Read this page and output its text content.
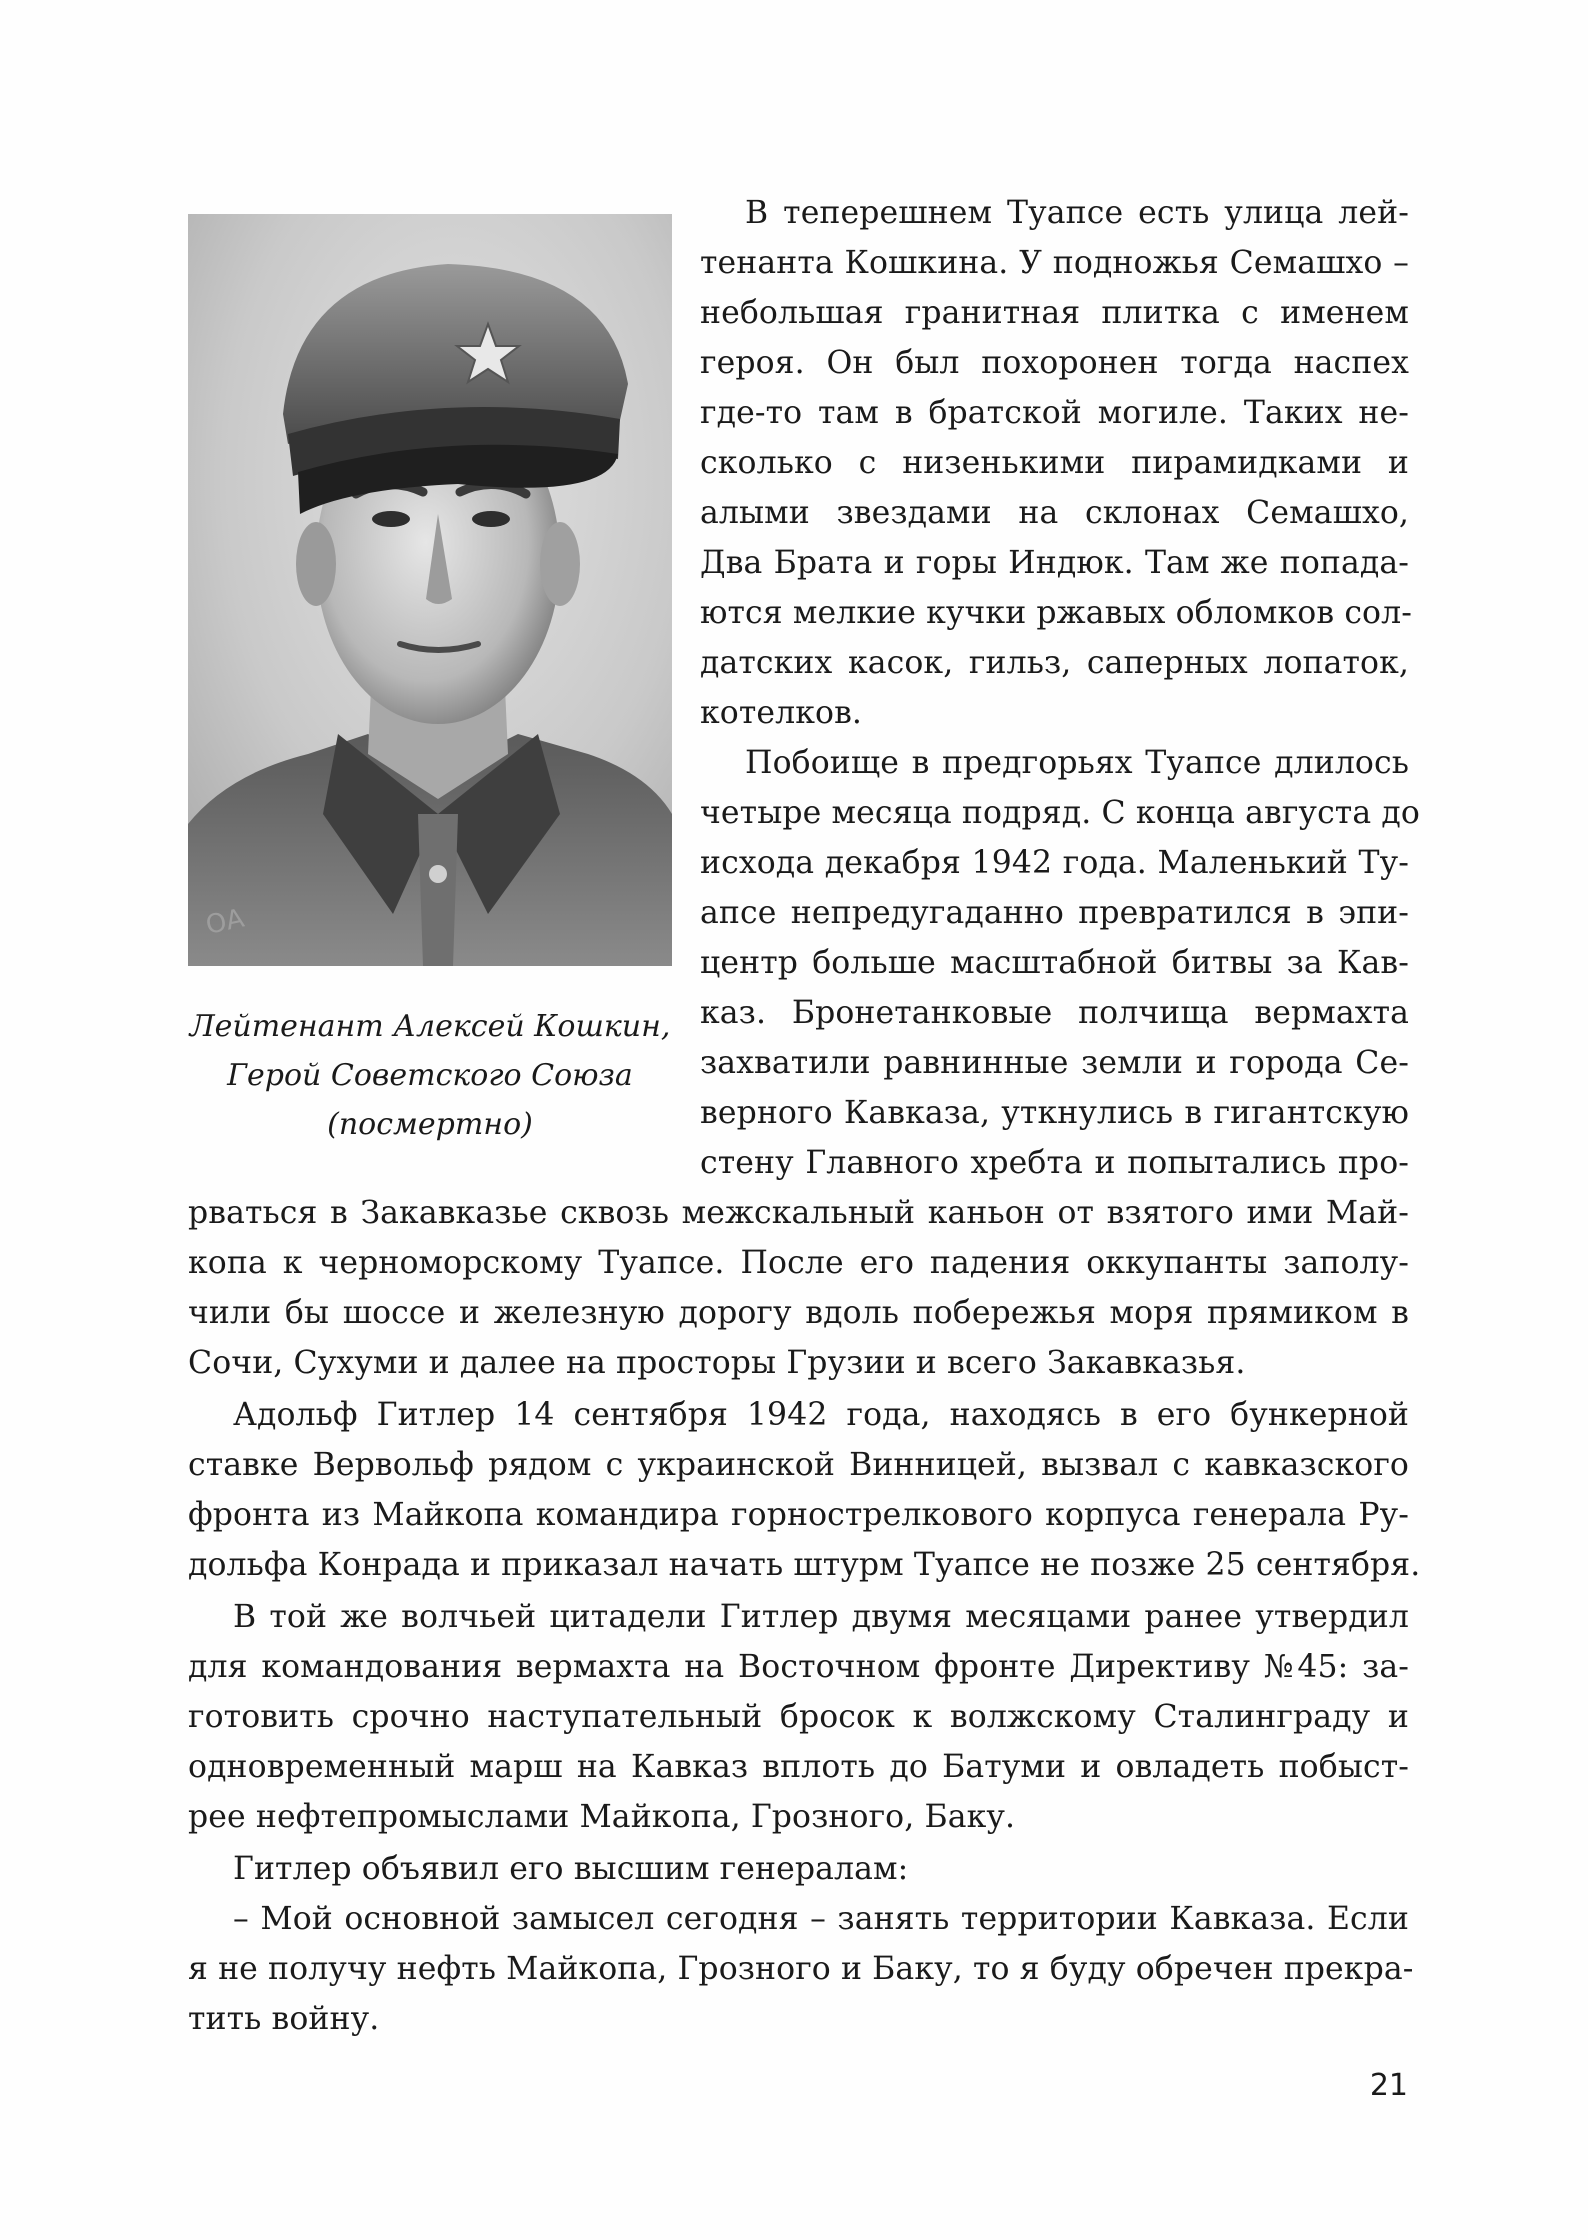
ОА
Лейтенант Алексей Кошкин,
Герой Советского Союза
(посмертно)
В теперешнем Туапсе есть улица лей-
тенанта Кошкина. У подножья Семашхо –
небольшая гранитная плитка с именем
героя. Он был похоронен тогда наспех
где-то там в братской могиле. Таких не-
сколько с низенькими пирамидками и
алыми звездами на склонах Семашхо,
Два Брата и горы Индюк. Там же попада-
ются мелкие кучки ржавых обломков сол-
датских касок, гильз, саперных лопаток,
котелков.
Побоище в предгорьях Туапсе длилось
четыре месяца подряд. С конца августа до
исхода декабря 1942 года. Маленький Ту-
апсе непредугаданно превратился в эпи-
центр больше масштабной битвы за Кав-
каз. Бронетанковые полчища вермахта
захватили равнинные земли и города Се-
верного Кавказа, уткнулись в гигантскую
стену Главного хребта и попытались про-
рваться в Закавказье сквозь межскальный каньон от взятого ими Май-
копа к черноморскому Туапсе. После его падения оккупанты заполу-
чили бы шоссе и железную дорогу вдоль побережья моря прямиком в
Сочи, Сухуми и далее на просторы Грузии и всего Закавказья.
Адольф Гитлер 14 сентября 1942 года, находясь в его бункерной
ставке Вервольф рядом с украинской Винницей, вызвал с кавказского
фронта из Майкопа командира горнострелкового корпуса генерала Ру-
дольфа Конрада и приказал начать штурм Туапсе не позже 25 сентября.
В той же волчьей цитадели Гитлер двумя месяцами ранее утвердил
для командования вермахта на Восточном фронте Директиву №45: за-
готовить срочно наступательный бросок к волжскому Сталинграду и
одновременный марш на Кавказ вплоть до Батуми и овладеть побыст-
рее нефтепромыслами Майкопа, Грозного, Баку.
Гитлер объявил его высшим генералам:
– Мой основной замысел сегодня – занять территории Кавказа. Если
я не получу нефть Майкопа, Грозного и Баку, то я буду обречен прекра-
тить войну.
21
